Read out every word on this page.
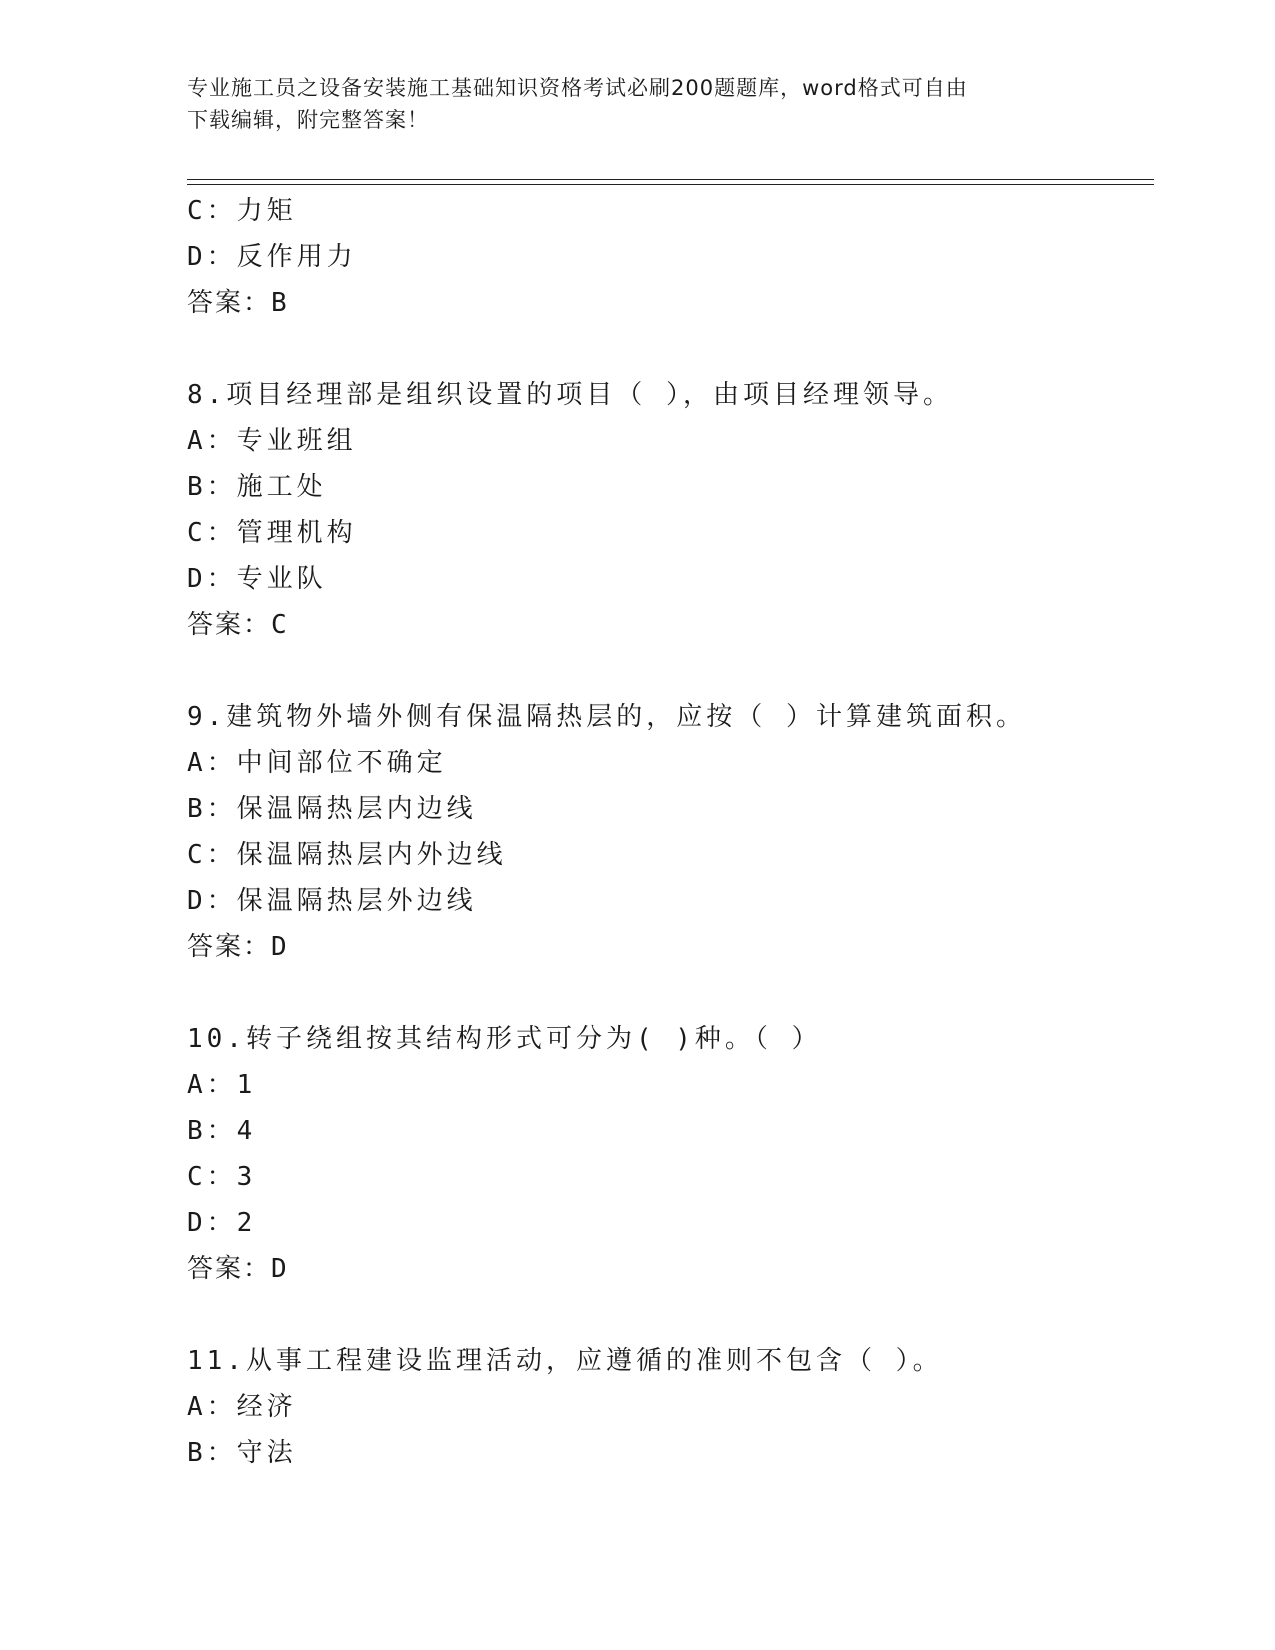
专业施工员之设备安装施工基础知识资格考试必刷200题题库，word格式可自由
下载编辑，附完整答案！
C：力矩
D：反作用力
答案：B
8.项目经理部是组织设置的项目（ ），由项目经理领导。
A：专业班组
B：施工处
C：管理机构
D：专业队
答案：C
9.建筑物外墙外侧有保温隔热层的，应按（ ）计算建筑面积。
A：中间部位不确定
B：保温隔热层内边线
C：保温隔热层内外边线
D：保温隔热层外边线
答案：D
10.转子绕组按其结构形式可分为( )种。（ ）
A：1
B：4
C：3
D：2
答案：D
11.从事工程建设监理活动，应遵循的准则不包含（ ）。
A：经济
B：守法
